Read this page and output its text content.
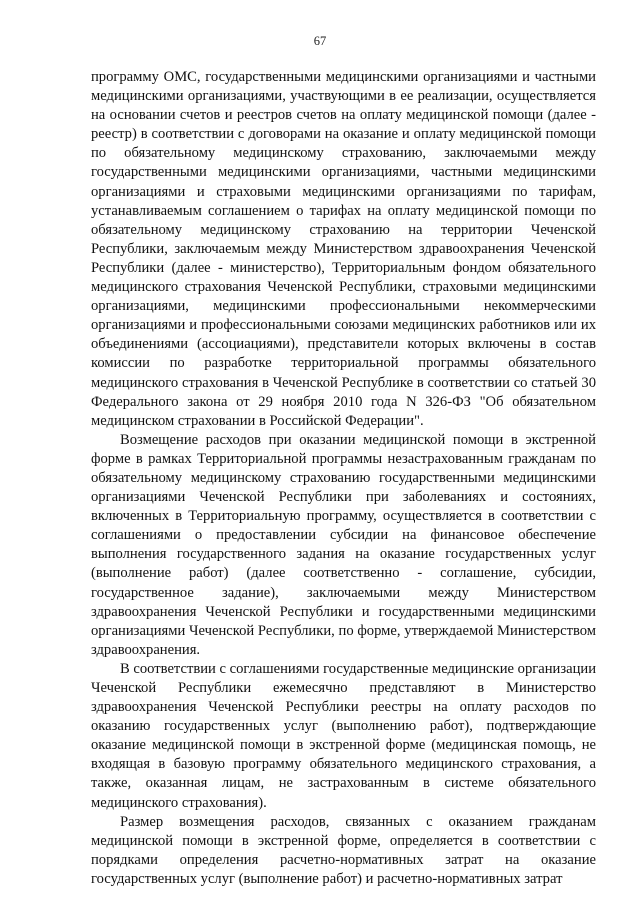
67

программу ОМС, государственными медицинскими организациями и частными медицинскими организациями, участвующими в ее реализации, осуществляется на основании счетов и реестров счетов на оплату медицинской помощи (далее - реестр) в соответствии с договорами на оказание и оплату медицинской помощи по обязательному медицинскому страхованию, заключаемыми между государственными медицинскими организациями, частными медицинскими организациями и страховыми медицинскими организациями по тарифам, устанавливаемым соглашением о тарифах на оплату медицинской помощи по обязательному медицинскому страхованию на территории Чеченской Республики, заключаемым между Министерством здравоохранения Чеченской Республики (далее - министерство), Территориальным фондом обязательного медицинского страхования Чеченской Республики, страховыми медицинскими организациями, медицинскими профессиональными некоммерческими организациями и профессиональными союзами медицинских работников или их объединениями (ассоциациями), представители которых включены в состав комиссии по разработке территориальной программы обязательного медицинского страхования в Чеченской Республике в соответствии со статьей 30 Федерального закона от 29 ноября 2010 года N 326-ФЗ "Об обязательном медицинском страховании в Российской Федерации".

Возмещение расходов при оказании медицинской помощи в экстренной форме в рамках Территориальной программы незастрахованным гражданам по обязательному медицинскому страхованию государственными медицинскими организациями Чеченской Республики при заболеваниях и состояниях, включенных в Территориальную программу, осуществляется в соответствии с соглашениями о предоставлении субсидии на финансовое обеспечение выполнения государственного задания на оказание государственных услуг (выполнение работ) (далее соответственно - соглашение, субсидии, государственное задание), заключаемыми между Министерством здравоохранения Чеченской Республики и государственными медицинскими организациями Чеченской Республики, по форме, утверждаемой Министерством здравоохранения.

В соответствии с соглашениями государственные медицинские организации Чеченской Республики ежемесячно представляют в Министерство здравоохранения Чеченской Республики реестры на оплату расходов по оказанию государственных услуг (выполнению работ), подтверждающие оказание медицинской помощи в экстренной форме (медицинская помощь, не входящая в базовую программу обязательного медицинского страхования, а также, оказанная лицам, не застрахованным в системе обязательного медицинского страхования).

Размер возмещения расходов, связанных с оказанием гражданам медицинской помощи в экстренной форме, определяется в соответствии с порядками определения расчетно-нормативных затрат на оказание государственных услуг (выполнение работ) и расчетно-нормативных затрат
